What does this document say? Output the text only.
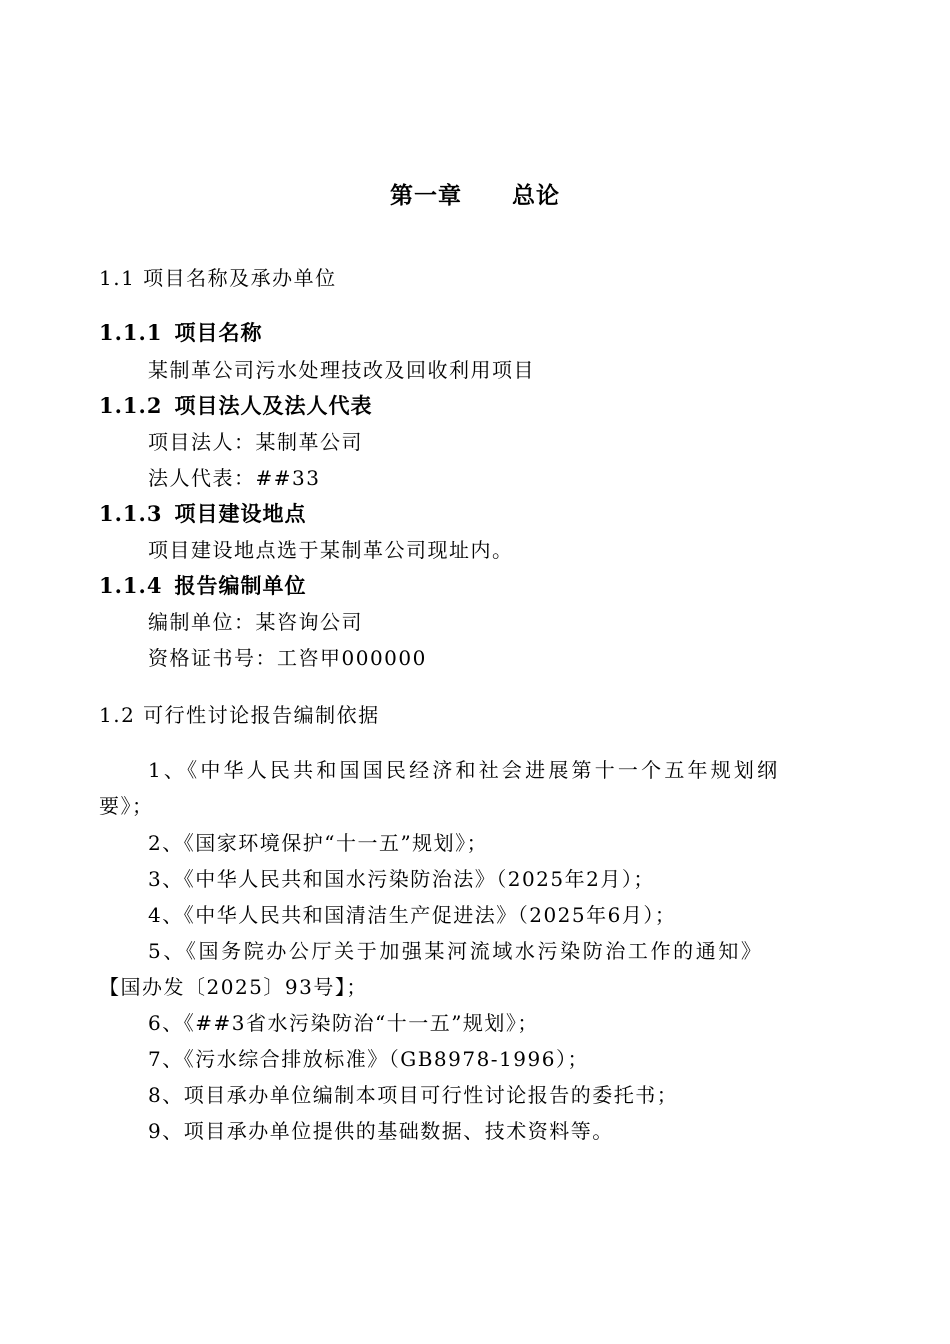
第一章 总论
1.1 项目名称及承办单位
1.1.1 项目名称
某制革公司污水处理技改及回收利用项目
1.1.2 项目法人及法人代表
项目法人：某制革公司
法人代表：##33
1.1.3 项目建设地点
项目建设地点选于某制革公司现址内。
1.1.4 报告编制单位
编制单位：某咨询公司
资格证书号：工咨甲000000
1.2 可行性讨论报告编制依据
1、《中华人民共和国国民经济和社会进展第十一个五年规划纲
要》；
2、《国家环境保护“十一五”规划》；
3、《中华人民共和国水污染防治法》（2025年2月）；
4、《中华人民共和国清洁生产促进法》（2025年6月）；
5、《国务院办公厅关于加强某河流域水污染防治工作的通知》
【国办发〔2025〕93号】；
6、《##3省水污染防治“十一五”规划》；
7、《污水综合排放标准》（GB8978-1996）；
8、项目承办单位编制本项目可行性讨论报告的委托书；
9、项目承办单位提供的基础数据、技术资料等。
